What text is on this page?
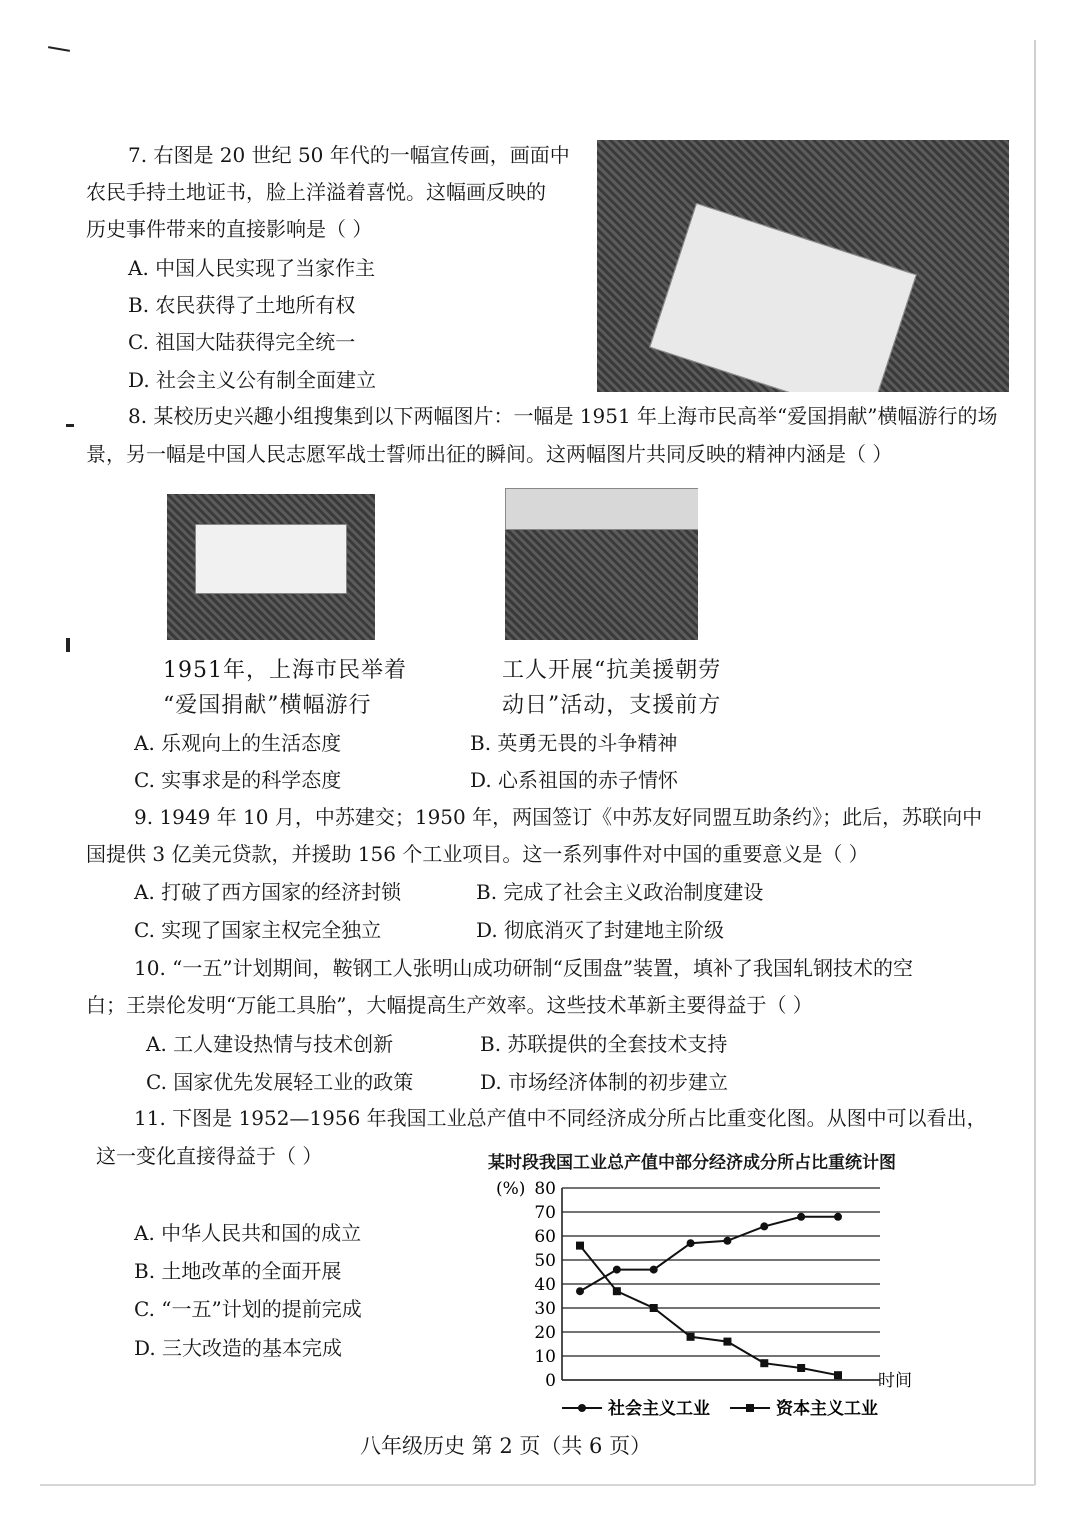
7. 右图是 20 世纪 50 年代的一幅宣传画，画面中
农民手持土地证书，脸上洋溢着喜悦。这幅画反映的
历史事件带来的直接影响是（ ）
A. 中国人民实现了当家作主
B. 农民获得了土地所有权
C. 祖国大陆获得完全统一
D. 社会主义公有制全面建立
8. 某校历史兴趣小组搜集到以下两幅图片：一幅是 1951 年上海市民高举“爱国捐献”横幅游行的场
景，另一幅是中国人民志愿军战士誓师出征的瞬间。这两幅图片共同反映的精神内涵是（ ）
1951年，上海市民举着
“爱国捐献”横幅游行
工人开展“抗美援朝劳
动日”活动，支援前方
A. 乐观向上的生活态度	B. 英勇无畏的斗争精神
C. 实事求是的科学态度	D. 心系祖国的赤子情怀
9. 1949 年 10 月，中苏建交；1950 年，两国签订《中苏友好同盟互助条约》；此后，苏联向中
国提供 3 亿美元贷款，并援助 156 个工业项目。这一系列事件对中国的重要意义是（ ）
A. 打破了西方国家的经济封锁	B. 完成了社会主义政治制度建设
C. 实现了国家主权完全独立	D. 彻底消灭了封建地主阶级
10. “一五”计划期间，鞍钢工人张明山成功研制“反围盘”装置，填补了我国轧钢技术的空
白；王崇伦发明“万能工具胎”，大幅提高生产效率。这些技术革新主要得益于（ ）
A. 工人建设热情与技术创新	B. 苏联提供的全套技术支持
C. 国家优先发展轻工业的政策	D. 市场经济体制的初步建立
11. 下图是 1952—1956 年我国工业总产值中不同经济成分所占比重变化图。从图中可以看出，
这一变化直接得益于（ ）
A. 中华人民共和国的成立
B. 土地改革的全面开展
C. “一五”计划的提前完成
D. 三大改造的基本完成
某时段我国工业总产值中部分经济成分所占比重统计图
0
10
20
30
40
50
60
70
80
(%)
时间
社会主义工业	资本主义工业
八年级历史 第 2 页（共 6 页）
